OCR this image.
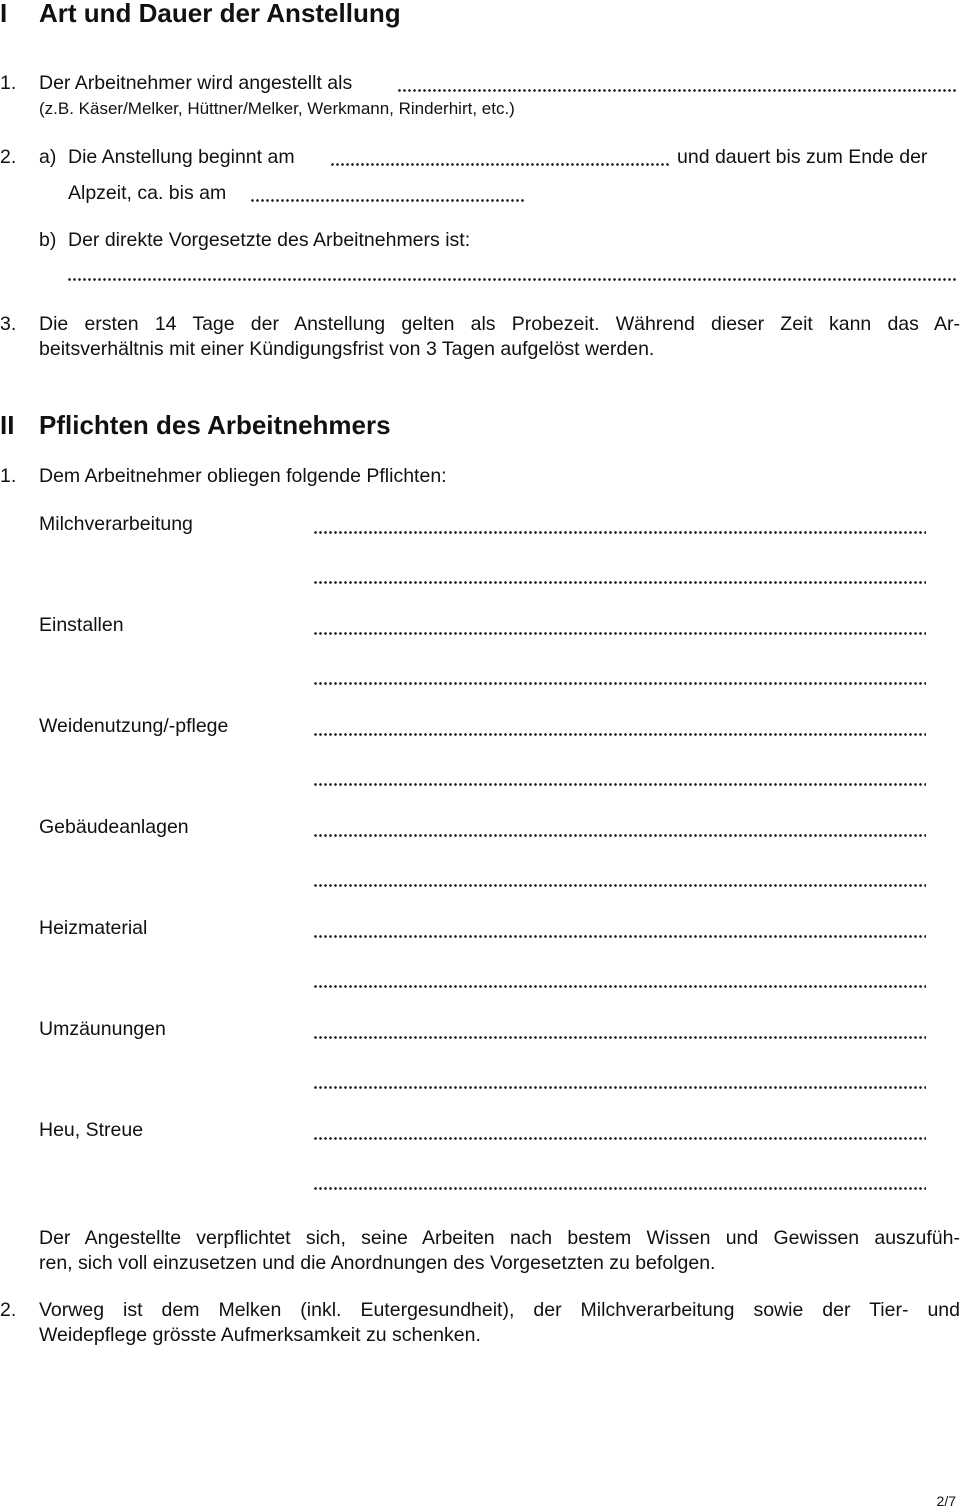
I Art und Dauer der Anstellung
1. Der Arbeitnehmer wird angestellt als
(z.B. Käser/Melker, Hüttner/Melker, Werkmann, Rinderhirt, etc.)
2. a) Die Anstellung beginnt am	und dauert bis zum Ende der
Alpzeit, ca. bis am
b) Der direkte Vorgesetzte des Arbeitnehmers ist:
3. Die ersten 14 Tage der Anstellung gelten als Probezeit. Während dieser Zeit kann das Ar-
beitsverhältnis mit einer Kündigungsfrist von 3 Tagen aufgelöst werden.
II Pflichten des Arbeitnehmers
1. Dem Arbeitnehmer obliegen folgende Pflichten:
Milchverarbeitung
Einstallen
Weidenutzung/-pflege
Gebäudeanlagen
Heizmaterial
Umzäunungen
Heu, Streue
Der Angestellte verpflichtet sich, seine Arbeiten nach bestem Wissen und Gewissen auszufüh-
ren, sich voll einzusetzen und die Anordnungen des Vorgesetzten zu befolgen.
2. Vorweg ist dem Melken (inkl. Eutergesundheit), der Milchverarbeitung sowie der Tier- und
Weidepflege grösste Aufmerksamkeit zu schenken.
2/7
